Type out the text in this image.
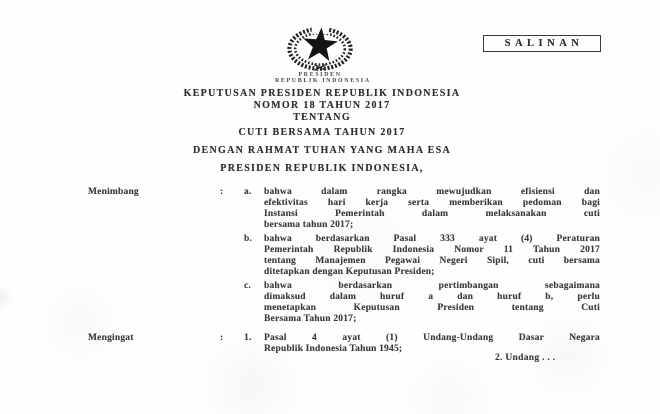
SALINAN
PRESIDEN
REPUBLIK INDONESIA
KEPUTUSAN PRESIDEN REPUBLIK INDONESIA
NOMOR 18 TAHUN 2017
TENTANG
CUTI BERSAMA TAHUN 2017
DENGAN RAHMAT TUHAN YANG MAHA ESA
PRESIDEN REPUBLIK INDONESIA,
Menimbang	:	a.	bahwa dalam rangka mewujudkan efisiensi dan
efektivitas hari kerja serta memberikan pedoman bagi
Instansi Pemerintah dalam melaksanakan cuti
bersama tahun 2017;
b.	bahwa berdasarkan Pasal 333 ayat (4) Peraturan
Pemerintah Republik Indonesia Nomor 11 Tahun 2017
tentang Manajemen Pegawai Negeri Sipil, cuti bersama
ditetapkan dengan Keputusan Presiden;
c.	bahwa berdasarkan pertimbangan sebagaimana
dimaksud dalam huruf a dan huruf b, perlu
menetapkan Keputusan Presiden tentang Cuti
Bersama Tahun 2017;
Mengingat	:	1.	Pasal 4 ayat (1) Undang-Undang Dasar Negara
Republik Indonesia Tahun 1945;
2. Undang . . .
